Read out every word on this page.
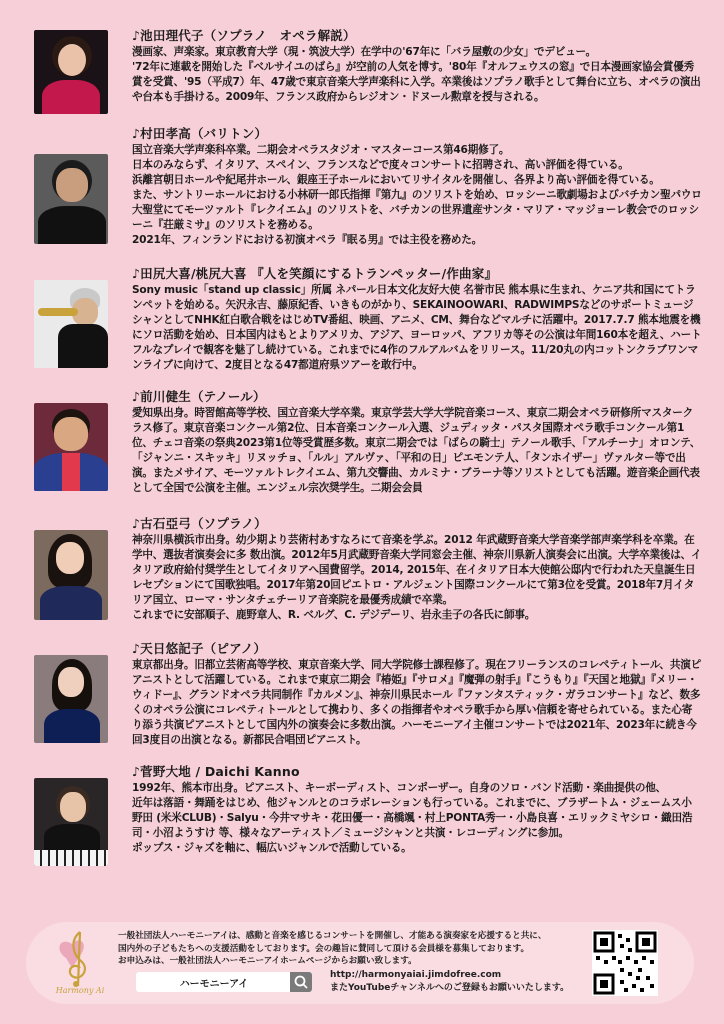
♪池田理代子（ソプラノ　オペラ解説）

漫画家、声楽家。東京教育大学（現・筑波大学）在学中の'67年に「バラ屋敷の少女」でデビュー。

'72年に連載を開始した『ベルサイユのばら』が空前の人気を博す。'80年『オルフェウスの窓』で日本漫画家協会賞優秀賞を受賞、'95（平成7）年、47歳で東京音楽大学声楽科に入学。卒業後はソプラノ歌手として舞台に立ち、オペラの演出や台本も手掛ける。2009年、フランス政府からレジオン・ドヌール勲章を授与される。

♪村田孝高（バリトン）

国立音楽大学声楽科卒業。二期会オペラスタジオ・マスターコース第46期修了。

日本のみならず、イタリア、スペイン、フランスなどで度々コンサートに招聘され、高い評価を得ている。

浜離宮朝日ホールや紀尾井ホール、銀座王子ホールにおいてリサイタルを開催し、各界より高い評価を得ている。

また、サントリーホールにおける小林研一郎氏指揮『第九』のソリストを始め、ロッシーニ歌劇場およびバチカン聖パウロ大聖堂にてモーツァルト『レクイエム』のソリストを、バチカンの世界遺産サンタ・マリア・マッジョーレ教会でのロッシーニ『荘厳ミサ』のソリストを務める。

2021年、フィンランドにおける初演オペラ『眠る男』では主役を務めた。

♪田尻大喜/桃尻大喜 『人を笑顔にするトランペッター/作曲家』

Sony music「stand up classic」所属 ネパール日本文化友好大使 名誉市民 熊本県に生まれ、ケニア共和国にてトランペットを始める。矢沢永吉、藤原紀香、いきものがかり、SEKAINOOWARI、RADWIMPSなどのサポートミュージシャンとしてNHK紅白歌合戦をはじめTV番組、映画、アニメ、CM、舞台などマルチに活躍中。2017.7.7 熊本地震を機にソロ活動を始め、日本国内はもとよりアメリカ、アジア、ヨーロッパ、アフリカ等その公演は年間160本を超え、ハートフルなプレイで観客を魅了し続けている。これまでに4作のフルアルバムをリリース。11/20丸の内コットンクラブワンマンライブに向けて、2度目となる47都道府県ツアーを敢行中。

♪前川健生（テノール）

愛知県出身。時習館高等学校、国立音楽大学卒業。東京学芸大学大学院音楽コース、東京二期会オペラ研修所マスタークラス修了。東京音楽コンクール第2位、日本音楽コンクール入選、ジュディッタ・パスタ国際オペラ歌手コンクール第1位、チェコ音楽の祭典2023第1位等受賞歴多数。東京二期会では「ばらの騎士」テノール歌手、「アルチーナ」オロンテ、「ジャンニ・スキッキ」リヌッチョ、「ルル」アルヴァ、「平和の日」ピエモンテ人、「タンホイザー」ヴァルター等で出演。またメサイア、モーツァルトレクイエム、第九交響曲、カルミナ・ブラーナ等ソリストとしても活躍。遊音楽企画代表として全国で公演を主催。エンジェル宗次奨学生。二期会会員

♪古石亞弓（ソプラノ）

神奈川県横浜市出身。幼少期より芸術村あすなろにて音楽を学ぶ。2012 年武蔵野音楽大学音楽学部声楽学科を卒業。在学中、選抜者演奏会に多 数出演。2012年5月武蔵野音楽大学同窓会主催、神奈川県新人演奏会に出演。大学卒業後は、イタリア政府給付奨学生としてイタリアへ国費留学。2014, 2015年、在イタリア日本大使館公邸内で行われた天皇誕生日レセプションにて国歌独唱。2017年第20回ピエトロ・アルジェント国際コンクールにて第3位を受賞。2018年7月イタリア国立、ローマ・サンタチェチーリア音楽院を最優秀成績で卒業。

これまでに安部順子、鹿野章人、R. ベルグ、C. デジデーリ、岩永圭子の各氏に師事。

♪天日悠記子（ピアノ）

東京都出身。旧都立芸術高等学校、東京音楽大学、同大学院修士課程修了。現在フリーランスのコレペティトール、共演ピアニストとして活躍している。これまで東京二期会『椿姫』『サロメ』『魔弾の射手』『こうもり』『天国と地獄』『メリー・ウィドー』、グランドオペラ共同制作『カルメン』、神奈川県民ホール『ファンタスティック・ガラコンサート』など、数多くのオペラ公演にコレペティトールとして携わり、多くの指揮者やオペラ歌手から厚い信頼を寄せられている。また心寄り添う共演ピアニストとして国内外の演奏会に多数出演。ハーモニーアイ主催コンサートでは2021年、2023年に続き今回3度目の出演となる。新都民合唱団ピアニスト。

♪菅野大地 / Daichi Kanno

1992年、熊本市出身。ピアニスト、キーボーディスト、コンポーザー。自身のソロ・バンド活動・楽曲提供の他、

近年は落語・舞踊をはじめ、他ジャンルとのコラボレーションも行っている。これまでに、ブラザートム・ジェームス小野田 (米米CLUB)・Salyu・今井マサキ・花田優一・高橋颯・村上PONTA秀一・小島良喜・エリックミヤシロ・織田浩司・小沼ようすけ 等、様々なアーティスト／ミュージシャンと共演・レコーディングに参加。

ポップス・ジャズを軸に、幅広いジャンルで活動している。

Harmony Ai

一般社団法人ハーモニーアイは、感動と音楽を感じるコンサートを開催し、才能ある演奏家を応援すると共に、

国内外の子どもたちへの支援活動をしております。会の趣旨に賛同して頂ける会員様を募集しております。

お申込みは、一般社団法人ハーモニーアイホームページからお願い致します。

ハーモニーアイ
http://harmonyaiai.jimdofree.com
またYouTubeチャンネルへのご登録もお願いいたします。
